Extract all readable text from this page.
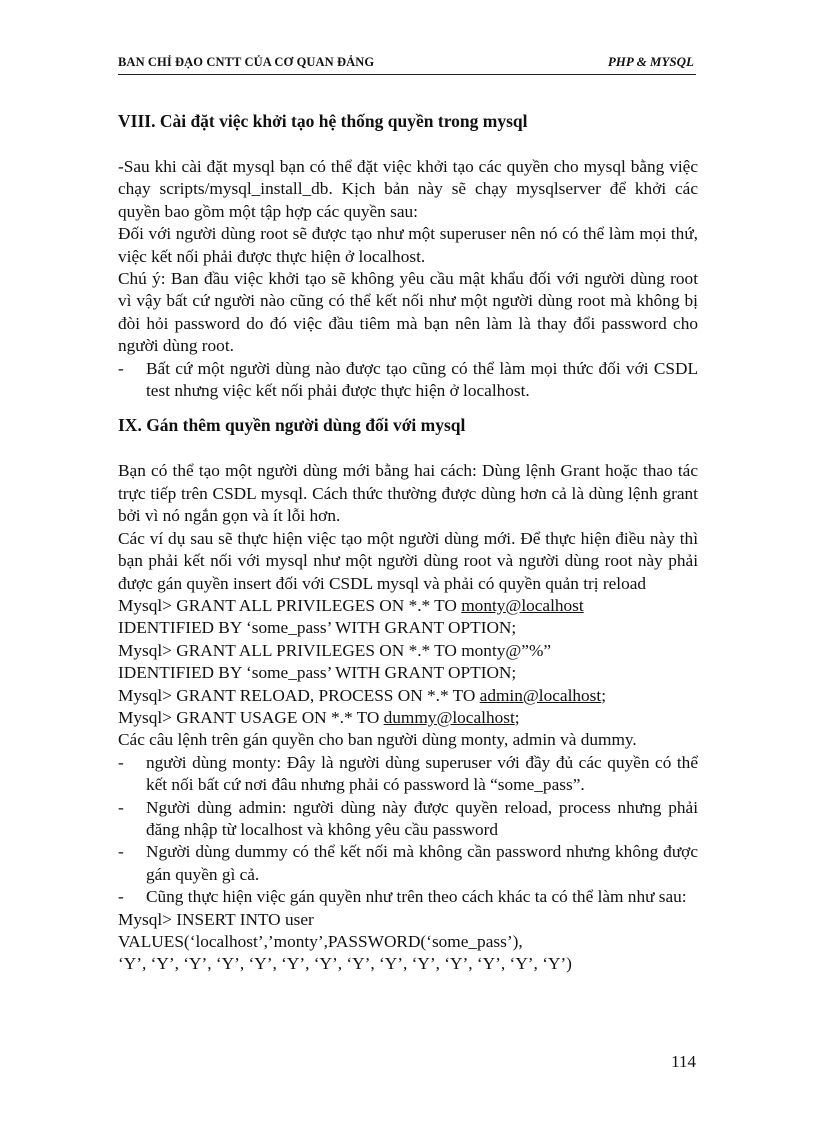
BAN CHỈ ĐẠO CNTT CỦA CƠ QUAN ĐẢNG	PHP & MYSQL
VIII. Cài đặt việc khởi tạo hệ thống quyền trong mysql

-Sau khi cài đặt mysql bạn có thể đặt việc khởi tạo các quyền cho mysql bằng việc chạy scripts/mysql_install_db. Kịch bản này sẽ chạy mysqlserver để khởi các quyền bao gồm một tập hợp các quyền sau:

Đối với người dùng root sẽ được tạo như một superuser nên nó có thể làm mọi thứ, việc kết nối phải được thực hiện ở localhost.

Chú ý: Ban đầu việc khởi tạo sẽ không yêu cầu mật khẩu đối với người dùng root vì vậy bất cứ người nào cũng có thể kết nối như một người dùng root mà không bị đòi hỏi password do đó việc đầu tiêm mà bạn nên làm là thay đổi password cho người dùng root.

- Bất cứ một người dùng nào được tạo cũng có thể làm mọi thức đối với CSDL test nhưng việc kết nối phải được thực hiện ở localhost.
IX. Gán thêm quyền người dùng đối với mysql

Bạn có thể tạo một người dùng mới bằng hai cách: Dùng lệnh Grant hoặc thao tác trực tiếp trên CSDL mysql. Cách thức thường được dùng hơn cả là dùng lệnh grant bởi vì nó ngắn gọn và ít lỗi hơn.

Các ví dụ sau sẽ thực hiện việc tạo một người dùng mới. Để thực hiện điều này thì bạn phải kết nối với mysql như một người dùng root và người dùng root này phải được gán quyền insert đối với CSDL mysql và phải có quyền quản trị reload

Mysql> GRANT ALL PRIVILEGES ON *.* TO monty@localhost
IDENTIFIED BY ‘some_pass’ WITH GRANT OPTION;
Mysql> GRANT ALL PRIVILEGES ON *.* TO monty@”%”
IDENTIFIED BY ‘some_pass’ WITH GRANT OPTION;
Mysql> GRANT RELOAD, PROCESS ON *.* TO admin@localhost;
Mysql> GRANT USAGE ON *.* TO dummy@localhost;

Các câu lệnh trên gán quyền cho ban người dùng monty, admin và dummy.

- người dùng monty: Đây là người dùng superuser với đầy đủ các quyền có thể kết nối bất cứ nơi đâu nhưng phải có password là “some_pass”.
- Người dùng admin: người dùng này được quyền reload, process nhưng phải đăng nhập từ localhost và không yêu cầu password
- Người dùng dummy có thể kết nối mà không cần password nhưng không được gán quyền gì cả.
- Cũng thực hiện việc gán quyền như trên theo cách khác ta có thể làm như sau:
Mysql> INSERT INTO user
VALUES(‘localhost’,’monty’,PASSWORD(‘some_pass’),
‘Y’, ‘Y’, ‘Y’, ‘Y’, ‘Y’, ‘Y’, ‘Y’, ‘Y’, ‘Y’, ‘Y’, ‘Y’, ‘Y’, ‘Y’, ‘Y’)
114
